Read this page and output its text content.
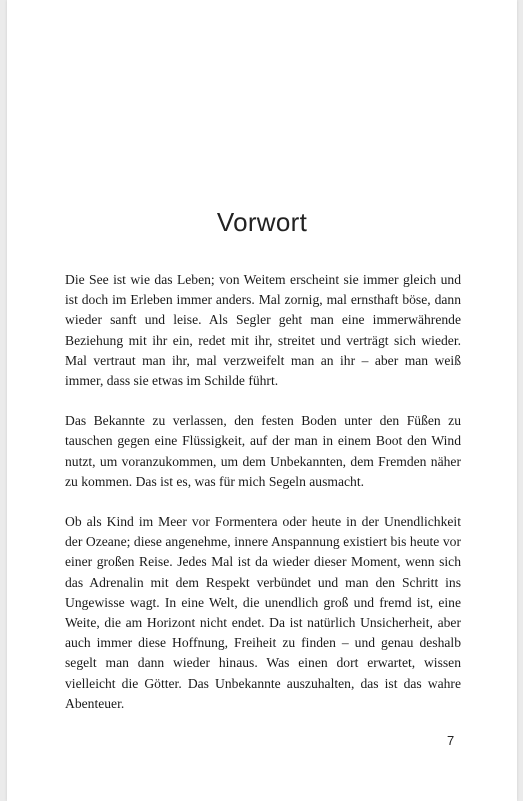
Vorwort

Die See ist wie das Leben; von Weitem erscheint sie immer gleich und ist doch im Erleben immer anders. Mal zornig, mal ernsthaft böse, dann wieder sanft und leise. Als Segler geht man eine immerwährende Beziehung mit ihr ein, redet mit ihr, streitet und verträgt sich wieder. Mal vertraut man ihr, mal verzweifelt man an ihr – aber man weiß immer, dass sie etwas im Schilde führt.

Das Bekannte zu verlassen, den festen Boden unter den Füßen zu tauschen gegen eine Flüssigkeit, auf der man in einem Boot den Wind nutzt, um voranzukommen, um dem Unbekannten, dem Fremden näher zu kommen. Das ist es, was für mich Segeln ausmacht.

Ob als Kind im Meer vor Formentera oder heute in der Unendlichkeit der Ozeane; diese angenehme, innere Anspannung existiert bis heute vor einer großen Reise. Jedes Mal ist da wieder dieser Moment, wenn sich das Adrenalin mit dem Respekt verbündet und man den Schritt ins Ungewisse wagt. In eine Welt, die unendlich groß und fremd ist, eine Weite, die am Horizont nicht endet. Da ist natürlich Unsicherheit, aber auch immer diese Hoffnung, Freiheit zu finden – und genau deshalb segelt man dann wieder hinaus. Was einen dort erwartet, wissen vielleicht die Götter. Das Unbekannte auszuhalten, das ist das wahre Abenteuer.

7
